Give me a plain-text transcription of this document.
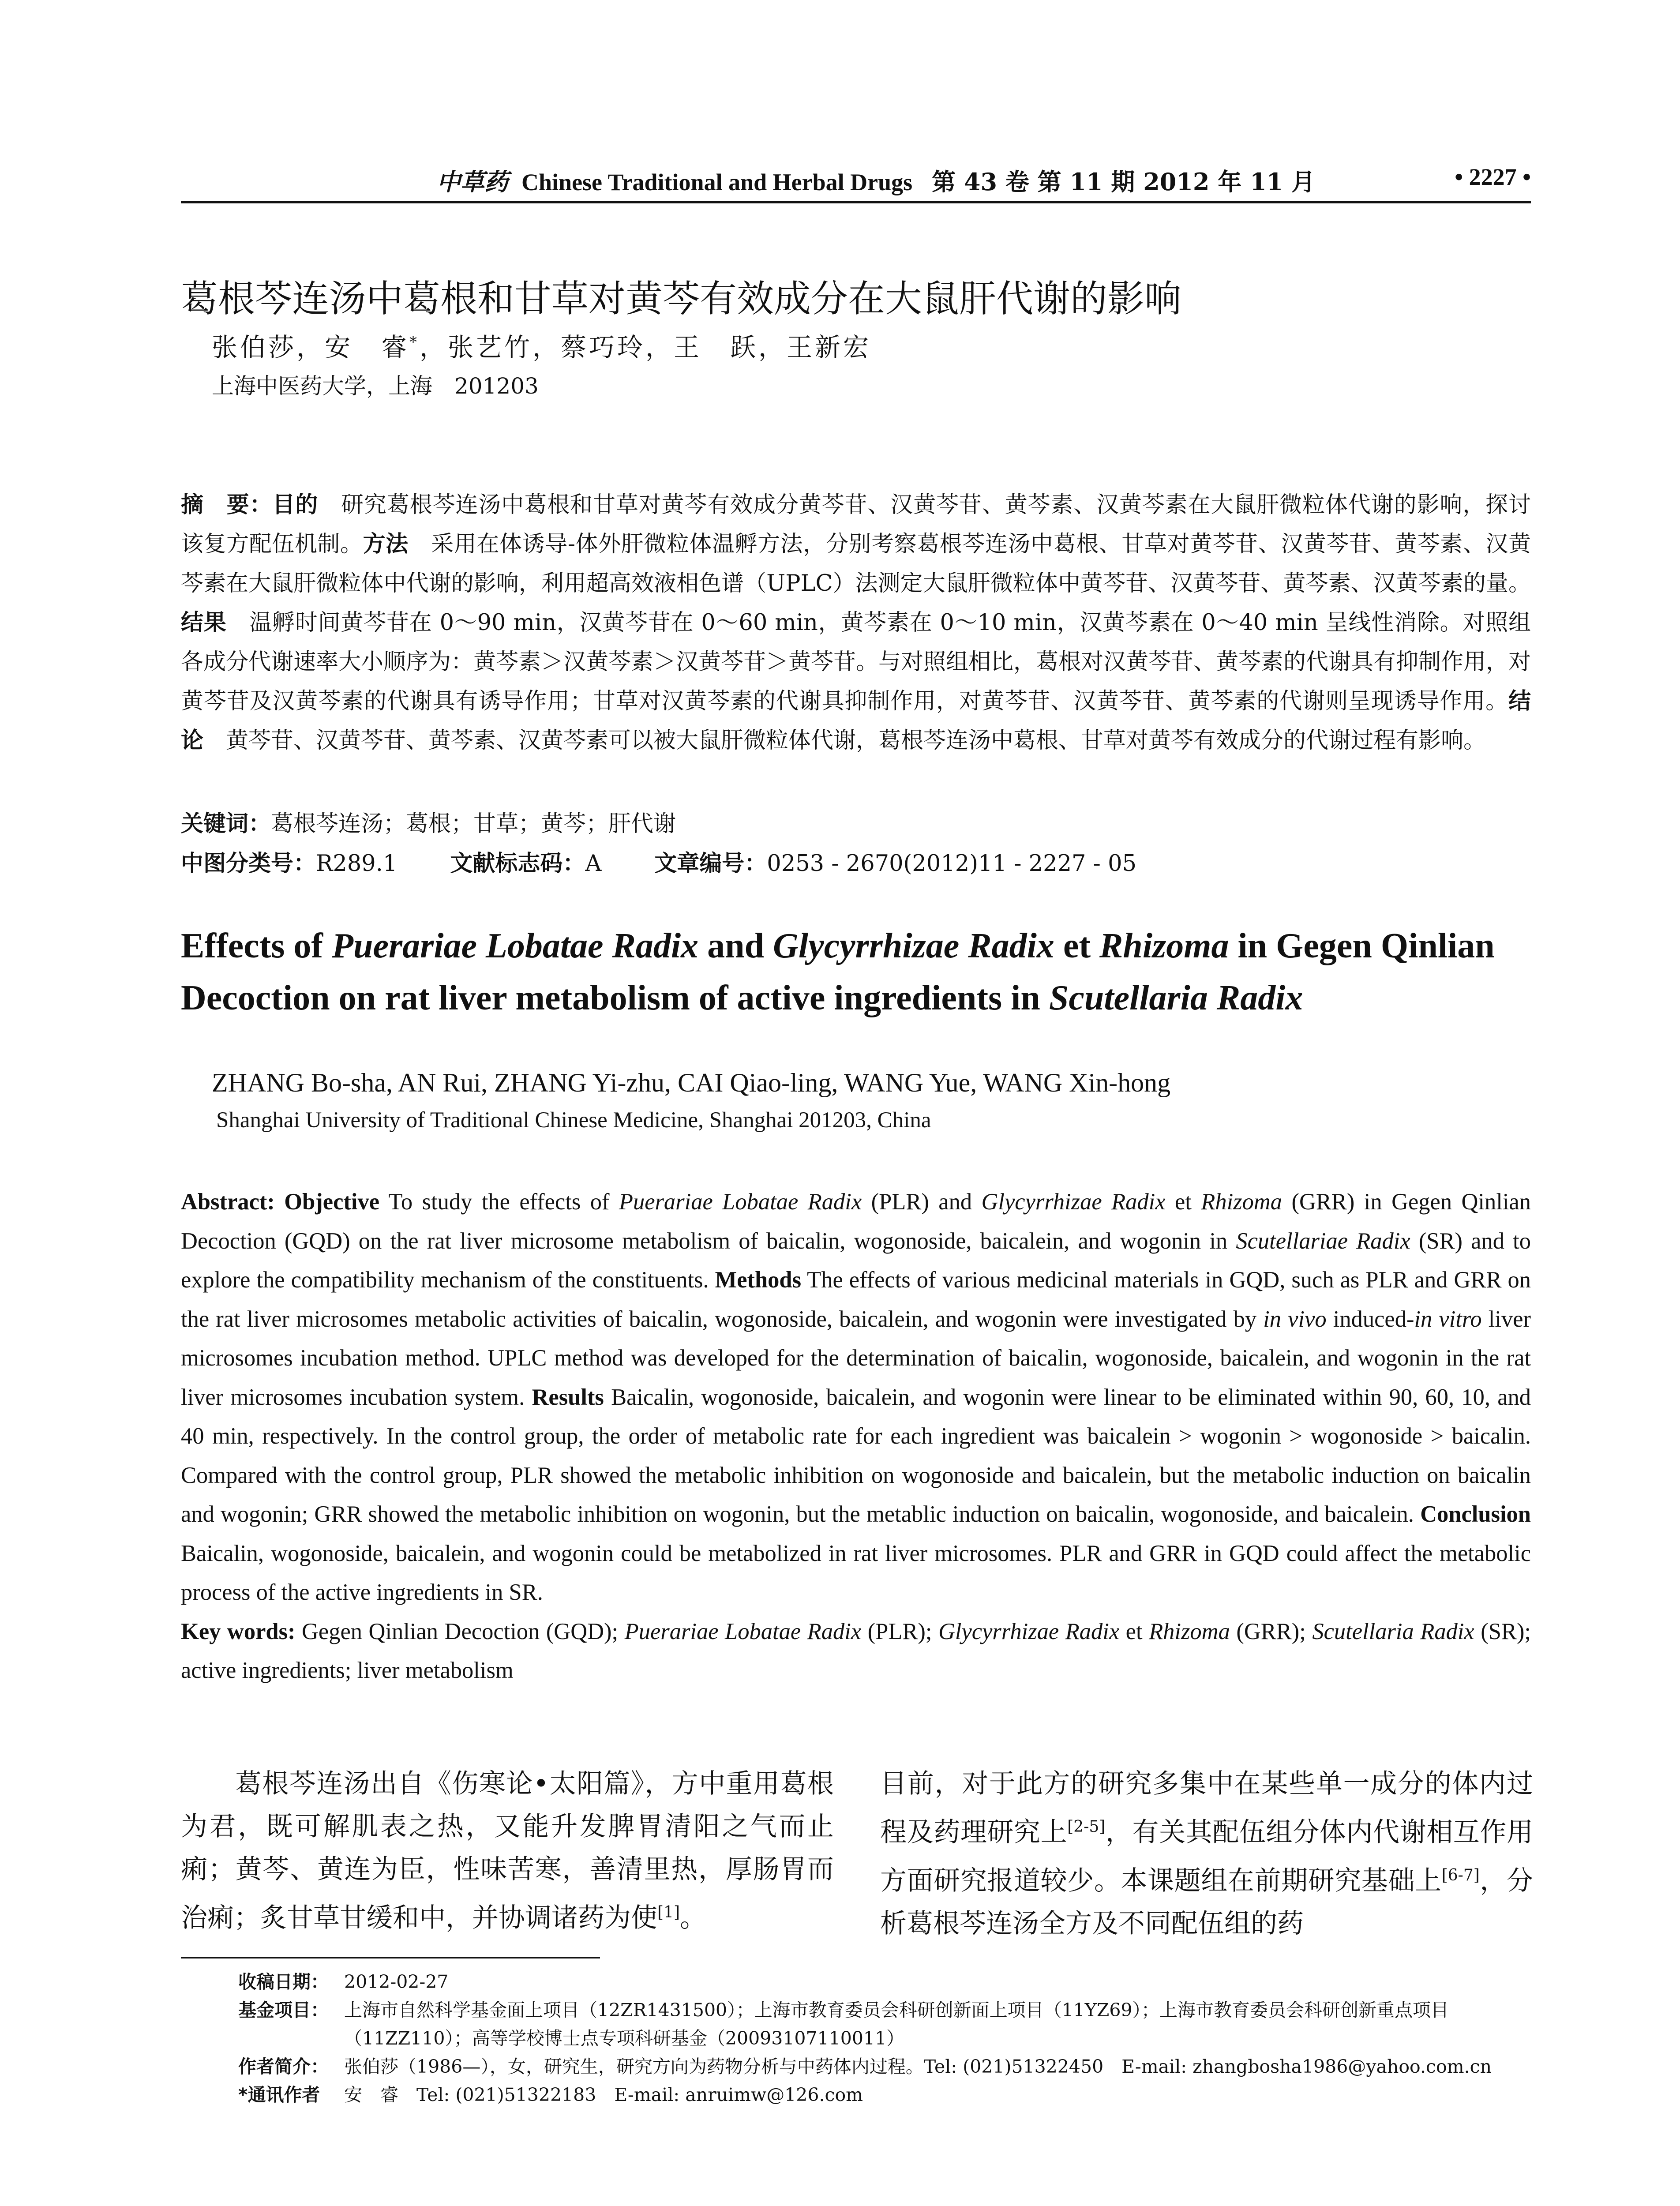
中草药 Chinese Traditional and Herbal Drugs 第 43 卷 第 11 期 2012 年 11 月	• 2227 •
葛根芩连汤中葛根和甘草对黄芩有效成分在大鼠肝代谢的影响
张伯莎，安　睿*，张艺竹，蔡巧玲，王　跃，王新宏
上海中医药大学，上海　201203
摘　要：目的　研究葛根芩连汤中葛根和甘草对黄芩有效成分黄芩苷、汉黄芩苷、黄芩素、汉黄芩素在大鼠肝微粒体代谢的影响，探讨该复方配伍机制。方法　采用在体诱导-体外肝微粒体温孵方法，分别考察葛根芩连汤中葛根、甘草对黄芩苷、汉黄芩苷、黄芩素、汉黄芩素在大鼠肝微粒体中代谢的影响，利用超高效液相色谱（UPLC）法测定大鼠肝微粒体中黄芩苷、汉黄芩苷、黄芩素、汉黄芩素的量。结果　温孵时间黄芩苷在 0～90 min，汉黄芩苷在 0～60 min，黄芩素在 0～10 min，汉黄芩素在 0～40 min 呈线性消除。对照组各成分代谢速率大小顺序为：黄芩素＞汉黄芩素＞汉黄芩苷＞黄芩苷。与对照组相比，葛根对汉黄芩苷、黄芩素的代谢具有抑制作用，对黄芩苷及汉黄芩素的代谢具有诱导作用；甘草对汉黄芩素的代谢具抑制作用，对黄芩苷、汉黄芩苷、黄芩素的代谢则呈现诱导作用。结论　黄芩苷、汉黄芩苷、黄芩素、汉黄芩素可以被大鼠肝微粒体代谢，葛根芩连汤中葛根、甘草对黄芩有效成分的代谢过程有影响。
关键词：葛根芩连汤；葛根；甘草；黄芩；肝代谢
中图分类号：R289.1 文献标志码：A 文章编号：0253 - 2670(2012)11 - 2227 - 05
Effects of Puerariae Lobatae Radix and Glycyrrhizae Radix et Rhizoma in Gegen Qinlian Decoction on rat liver metabolism of active ingredients in Scutellaria Radix
ZHANG Bo-sha, AN Rui, ZHANG Yi-zhu, CAI Qiao-ling, WANG Yue, WANG Xin-hong
Shanghai University of Traditional Chinese Medicine, Shanghai 201203, China
Abstract: Objective To study the effects of Puerariae Lobatae Radix (PLR) and Glycyrrhizae Radix et Rhizoma (GRR) in Gegen Qinlian Decoction (GQD) on the rat liver microsome metabolism of baicalin, wogonoside, baicalein, and wogonin in Scutellariae Radix (SR) and to explore the compatibility mechanism of the constituents. Methods The effects of various medicinal materials in GQD, such as PLR and GRR on the rat liver microsomes metabolic activities of baicalin, wogonoside, baicalein, and wogonin were investigated by in vivo induced-in vitro liver microsomes incubation method. UPLC method was developed for the determination of baicalin, wogonoside, baicalein, and wogonin in the rat liver microsomes incubation system. Results Baicalin, wogonoside, baicalein, and wogonin were linear to be eliminated within 90, 60, 10, and 40 min, respectively. In the control group, the order of metabolic rate for each ingredient was baicalein > wogonin > wogonoside > baicalin. Compared with the control group, PLR showed the metabolic inhibition on wogonoside and baicalein, but the metabolic induction on baicalin and wogonin; GRR showed the metabolic inhibition on wogonin, but the metablic induction on baicalin, wogonoside, and baicalein. Conclusion Baicalin, wogonoside, baicalein, and wogonin could be metabolized in rat liver microsomes. PLR and GRR in GQD could affect the metabolic process of the active ingredients in SR.
Key words: Gegen Qinlian Decoction (GQD); Puerariae Lobatae Radix (PLR); Glycyrrhizae Radix et Rhizoma (GRR); Scutellaria Radix (SR); active ingredients; liver metabolism
　　葛根芩连汤出自《伤寒论•太阳篇》，方中重用葛根为君，既可解肌表之热，又能升发脾胃清阳之气而止痢；黄芩、黄连为臣，性味苦寒，善清里热，厚肠胃而治痢；炙甘草甘缓和中，并协调诸药为使[1]。
目前，对于此方的研究多集中在某些单一成分的体内过程及药理研究上[2-5]，有关其配伍组分体内代谢相互作用方面研究报道较少。本课题组在前期研究基础上[6-7]，分析葛根芩连汤全方及不同配伍组的药
收稿日期： 2012-02-27
基金项目： 上海市自然科学基金面上项目（12ZR1431500）；上海市教育委员会科研创新面上项目（11YZ69）；上海市教育委员会科研创新重点项目（11ZZ110）；高等学校博士点专项科研基金（20093107110011）
作者简介： 张伯莎（1986—），女，研究生，研究方向为药物分析与中药体内过程。Tel: (021)51322450　E-mail: zhangbosha1986@yahoo.com.cn
*通讯作者 安　睿　Tel: (021)51322183　E-mail: anruimw@126.com
